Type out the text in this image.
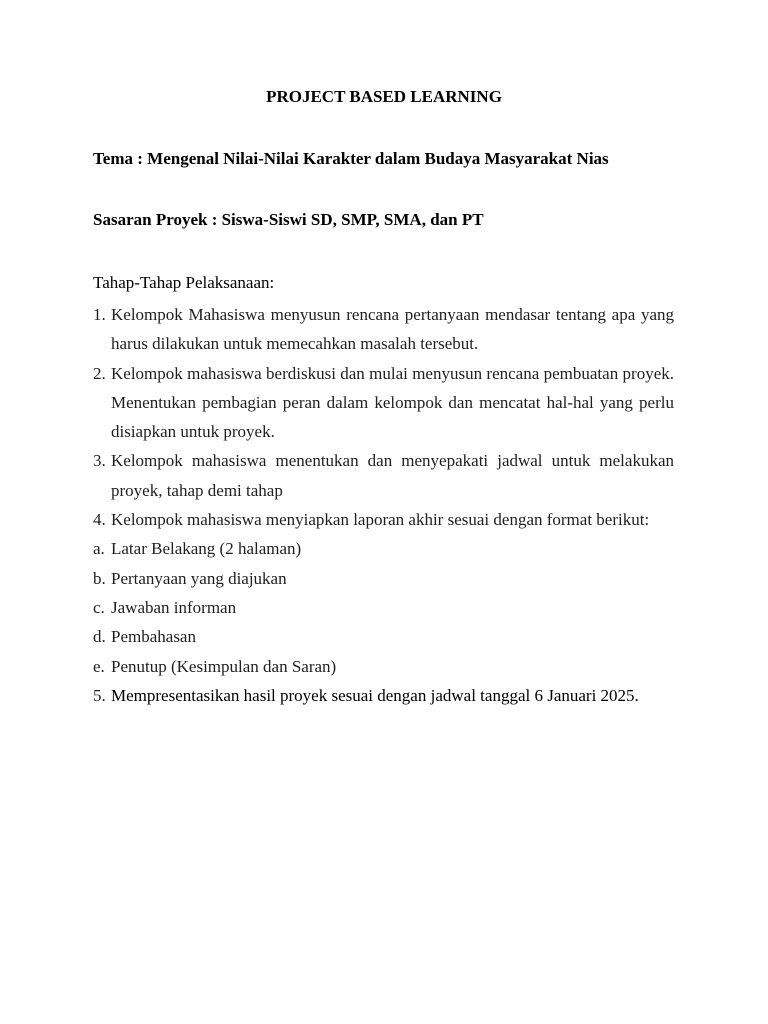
PROJECT BASED LEARNING
Tema : Mengenal Nilai-Nilai Karakter dalam Budaya Masyarakat Nias
Sasaran Proyek : Siswa-Siswi SD, SMP, SMA, dan PT
Tahap-Tahap Pelaksanaan:
1. Kelompok Mahasiswa menyusun rencana pertanyaan mendasar tentang apa yang harus dilakukan untuk memecahkan masalah tersebut.
2. Kelompok mahasiswa berdiskusi dan mulai menyusun rencana pembuatan proyek. Menentukan pembagian peran dalam kelompok dan mencatat hal-hal yang perlu disiapkan untuk proyek.
3. Kelompok mahasiswa menentukan dan menyepakati jadwal untuk melakukan proyek, tahap demi tahap
4. Kelompok mahasiswa menyiapkan laporan akhir sesuai dengan format berikut:
a. Latar Belakang (2 halaman)
b. Pertanyaan yang diajukan
c. Jawaban informan
d. Pembahasan
e. Penutup (Kesimpulan dan Saran)
5. Mempresentasikan hasil proyek sesuai dengan jadwal tanggal 6 Januari 2025.
